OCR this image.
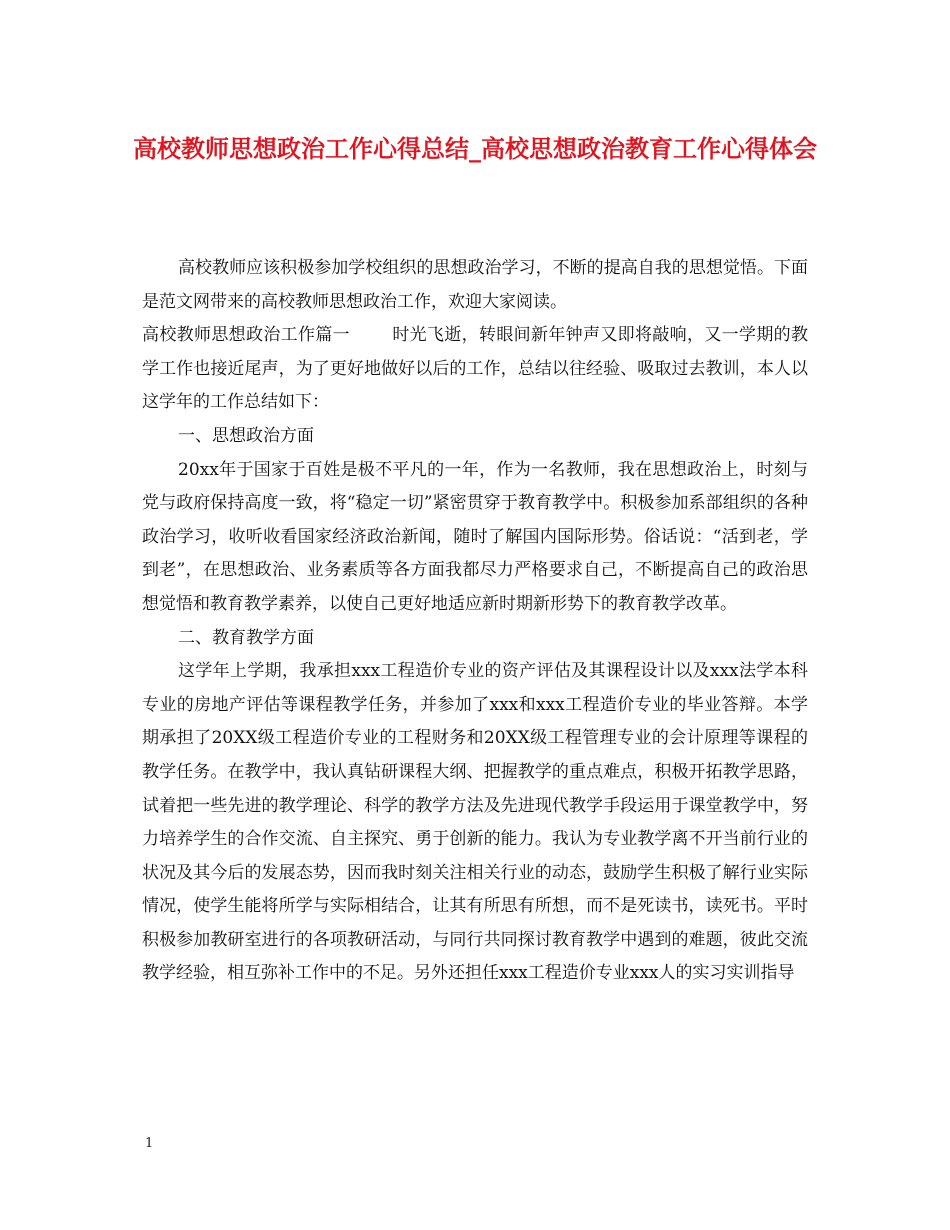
高校教师思想政治工作心得总结_高校思想政治教育工作心得体会

高校教师应该积极参加学校组织的思想政治学习，不断的提高自我的思想觉悟。下面是范文网带来的高校教师思想政治工作，欢迎大家阅读。

高校教师思想政治工作篇一 时光飞逝，转眼间新年钟声又即将敲响，又一学期的教学工作也接近尾声，为了更好地做好以后的工作，总结以往经验、吸取过去教训，本人以这学年的工作总结如下：

一、思想政治方面

20xx年于国家于百姓是极不平凡的一年，作为一名教师，我在思想政治上，时刻与党与政府保持高度一致，将“稳定一切”紧密贯穿于教育教学中。积极参加系部组织的各种政治学习，收听收看国家经济政治新闻，随时了解国内国际形势。俗话说：“活到老，学到老”，在思想政治、业务素质等各方面我都尽力严格要求自己，不断提高自己的政治思想觉悟和教育教学素养，以使自己更好地适应新时期新形势下的教育教学改革。

二、教育教学方面

这学年上学期，我承担xxx工程造价专业的资产评估及其课程设计以及xxx法学本科专业的房地产评估等课程教学任务，并参加了xxx和xxx工程造价专业的毕业答辩。本学期承担了20XX级工程造价专业的工程财务和20XX级工程管理专业的会计原理等课程的教学任务。在教学中，我认真钻研课程大纲、把握教学的重点难点，积极开拓教学思路，试着把一些先进的教学理论、科学的教学方法及先进现代教学手段运用于课堂教学中，努力培养学生的合作交流、自主探究、勇于创新的能力。我认为专业教学离不开当前行业的状况及其今后的发展态势，因而我时刻关注相关行业的动态，鼓励学生积极了解行业实际情况，使学生能将所学与实际相结合，让其有所思有所想，而不是死读书，读死书。平时积极参加教研室进行的各项教研活动，与同行共同探讨教育教学中遇到的难题，彼此交流教学经验，相互弥补工作中的不足。另外还担任xxx工程造价专业xxx人的实习实训指导

1
